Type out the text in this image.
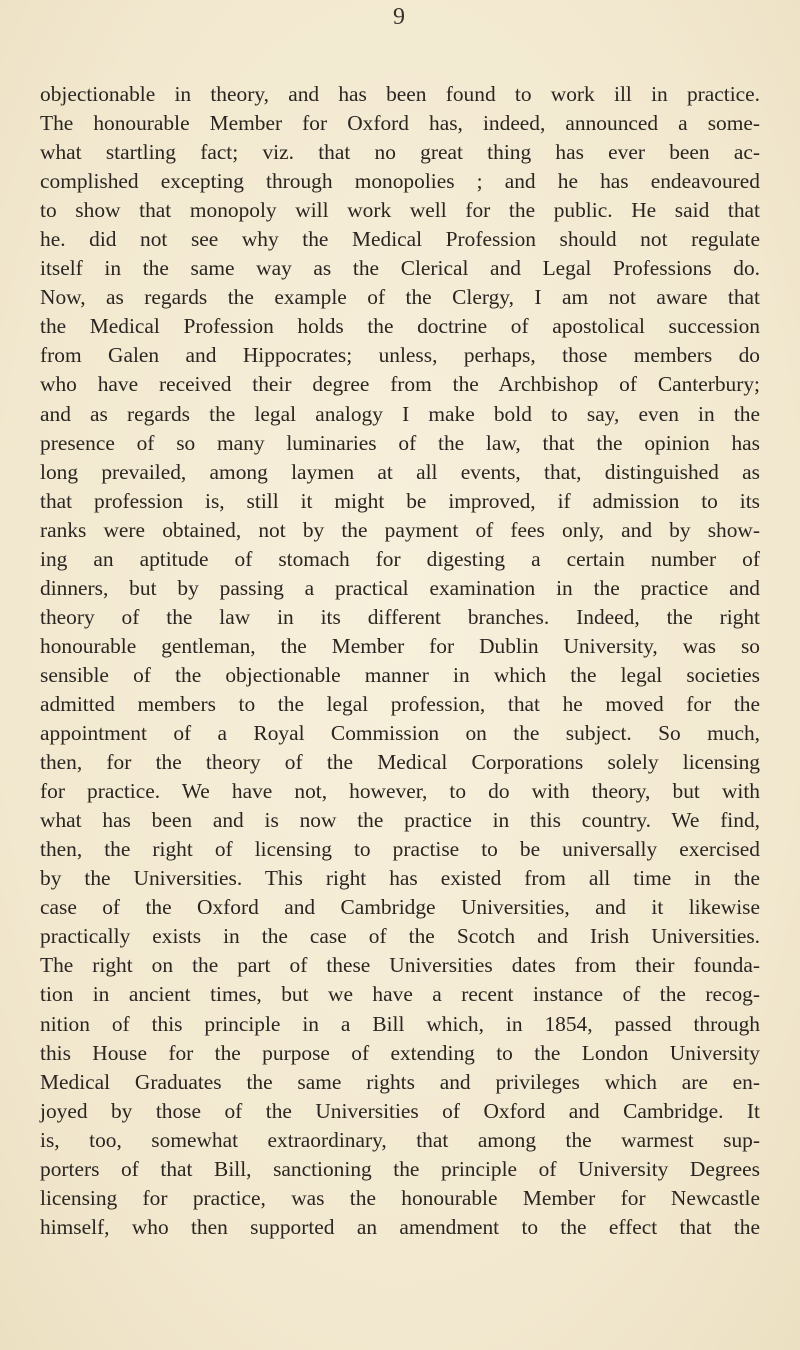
9
objectionable in theory, and has been found to work ill in practice.
The honourable Member for Oxford has, indeed, announced a some-
what startling fact; viz. that no great thing has ever been ac-
complished excepting through monopolies ; and he has endeavoured
to show that monopoly will work well for the public. He said that
he. did not see why the Medical Profession should not regulate
itself in the same way as the Clerical and Legal Professions do.
Now, as regards the example of the Clergy, I am not aware that
the Medical Profession holds the doctrine of apostolical succession
from Galen and Hippocrates; unless, perhaps, those members do
who have received their degree from the Archbishop of Canterbury;
and as regards the legal analogy I make bold to say, even in the
presence of so many luminaries of the law, that the opinion has
long prevailed, among laymen at all events, that, distinguished as
that profession is, still it might be improved, if admission to its
ranks were obtained, not by the payment of fees only, and by show-
ing an aptitude of stomach for digesting a certain number of
dinners, but by passing a practical examination in the practice and
theory of the law in its different branches. Indeed, the right
honourable gentleman, the Member for Dublin University, was so
sensible of the objectionable manner in which the legal societies
admitted members to the legal profession, that he moved for the
appointment of a Royal Commission on the subject. So much,
then, for the theory of the Medical Corporations solely licensing
for practice. We have not, however, to do with theory, but with
what has been and is now the practice in this country. We find,
then, the right of licensing to practise to be universally exercised
by the Universities. This right has existed from all time in the
case of the Oxford and Cambridge Universities, and it likewise
practically exists in the case of the Scotch and Irish Universities.
The right on the part of these Universities dates from their founda-
tion in ancient times, but we have a recent instance of the recog-
nition of this principle in a Bill which, in 1854, passed through
this House for the purpose of extending to the London University
Medical Graduates the same rights and privileges which are en-
joyed by those of the Universities of Oxford and Cambridge. It
is, too, somewhat extraordinary, that among the warmest sup-
porters of that Bill, sanctioning the principle of University Degrees
licensing for practice, was the honourable Member for Newcastle
himself, who then supported an amendment to the effect that the
